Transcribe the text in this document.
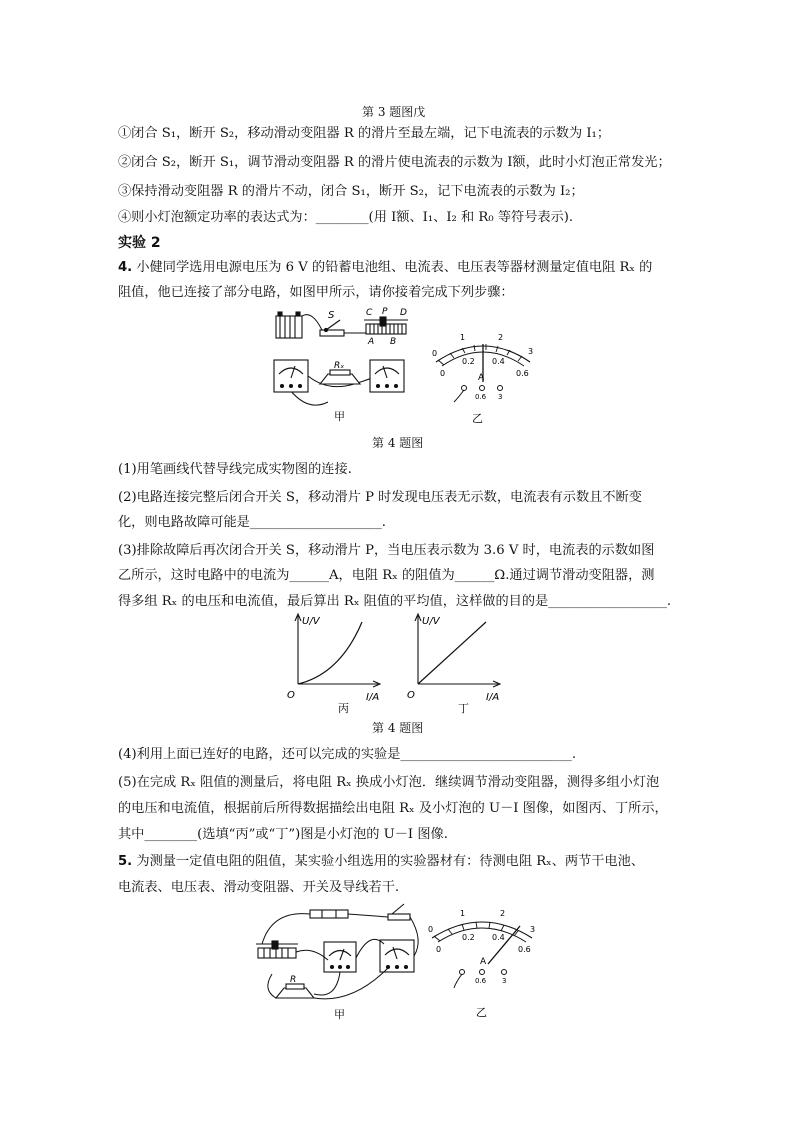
第 3 题图戊
①闭合 S₁，断开 S₂，移动滑动变阻器 R 的滑片至最左端，记下电流表的示数为 I₁；
②闭合 S₂，断开 S₁，调节滑动变阻器 R 的滑片使电流表的示数为 I额，此时小灯泡正常发光；
③保持滑动变阻器 R 的滑片不动，闭合 S₁，断开 S₂，记下电流表的示数为 I₂；
④则小灯泡额定功率的表达式为：________(用 I额、I₁、I₂ 和 R₀ 等符号表示).
实验 2
4. 小健同学选用电源电压为 6 V 的铅蓄电池组、电流表、电压表等器材测量定值电阻 Rₓ 的
阻值，他已连接了部分电路，如图甲所示，请你接着完成下列步骤：
S	C P D
A B
Rₓ
甲
1	2
0	3
0
0.2 0.4
0.6
A
0.6 3
乙
第 4 题图
(1)用笔画线代替导线完成实物图的连接.
(2)电路连接完整后闭合开关 S，移动滑片 P 时发现电压表无示数，电流表有示数且不断变
化，则电路故障可能是____________________.
(3)排除故障后再次闭合开关 S，移动滑片 P，当电压表示数为 3.6 V 时，电流表的示数如图
乙所示，这时电路中的电流为______A，电阻 Rₓ 的阻值为______Ω.通过调节滑动变阻器，测
得多组 Rₓ 的电压和电流值，最后算出 Rₓ 阻值的平均值，这样做的目的是__________________.
U/V
I/A
O
丙
U/V
I/A
O
丁
第 4 题图
(4)利用上面已连好的电路，还可以完成的实验是__________________________.
(5)在完成 Rₓ 阻值的测量后，将电阻 Rₓ 换成小灯泡．继续调节滑动变阻器，测得多组小灯泡
的电压和电流值，根据前后所得数据描绘出电阻 Rₓ 及小灯泡的 U－I 图像，如图丙、丁所示，
其中________(选填“丙”或“丁”)图是小灯泡的 U－I 图像.
5. 为测量一定值电阻的阻值，某实验小组选用的实验器材有：待测电阻 Rₓ、两节干电池、
电流表、电压表、滑动变阻器、开关及导线若干.
R
甲
1	2
0	3
0
0.2 0.4
0.6
A
0.6 3
乙
